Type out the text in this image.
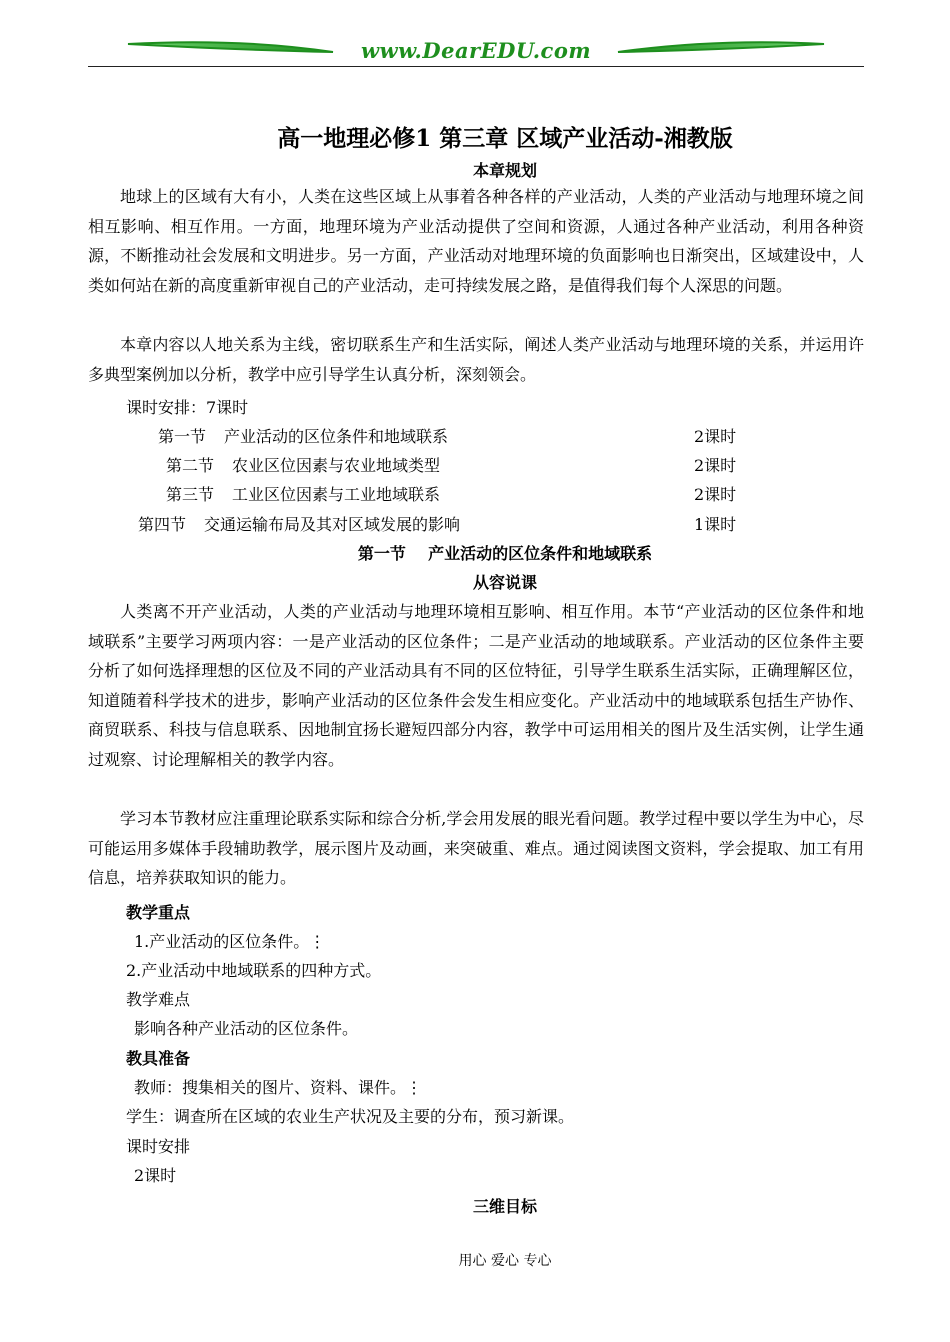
www.DearEDU.com
高一地理必修1 第三章 区域产业活动-湘教版
本章规划

地球上的区域有大有小，人类在这些区域上从事着各种各样的产业活动，人类的产业活动与地理环境之间相互影响、相互作用。一方面，地理环境为产业活动提供了空间和资源，人通过各种产业活动，利用各种资源，不断推动社会发展和文明进步。另一方面，产业活动对地理环境的负面影响也日渐突出，区域建设中，人类如何站在新的高度重新审视自己的产业活动，走可持续发展之路，是值得我们每个人深思的问题。

本章内容以人地关系为主线，密切联系生产和生活实际，阐述人类产业活动与地理环境的关系，并运用许多典型案例加以分析，教学中应引导学生认真分析，深刻领会。

课时安排：7课时
第一节 产业活动的区位条件和地域联系	2课时
第二节 农业区位因素与农业地域类型	2课时
第三节 工业区位因素与工业地域联系	2课时
第四节 交通运输布局及其对区域发展的影响	1课时
第一节    产业活动的区位条件和地域联系
从容说课

人类离不开产业活动，人类的产业活动与地理环境相互影响、相互作用。本节“产业活动的区位条件和地域联系”主要学习两项内容：一是产业活动的区位条件；二是产业活动的地域联系。产业活动的区位条件主要分析了如何选择理想的区位及不同的产业活动具有不同的区位特征，引导学生联系生活实际，正确理解区位，知道随着科学技术的进步，影响产业活动的区位条件会发生相应变化。产业活动中的地域联系包括生产协作、商贸联系、科技与信息联系、因地制宜扬长避短四部分内容，教学中可运用相关的图片及生活实例，让学生通过观察、讨论理解相关的教学内容。

学习本节教材应注重理论联系实际和综合分析,学会用发展的眼光看问题。教学过程中要以学生为中心，尽可能运用多媒体手段辅助教学，展示图片及动画，来突破重、难点。通过阅读图文资料，学会提取、加工有用信息，培养获取知识的能力。

教学重点
1.产业活动的区位条件。⋮
2.产业活动中地域联系的四种方式。
教学难点
影响各种产业活动的区位条件。
教具准备
教师：搜集相关的图片、资料、课件。⋮
学生：调查所在区域的农业生产状况及主要的分布，预习新课。
课时安排
2课时
三维目标
用心 爱心 专心
